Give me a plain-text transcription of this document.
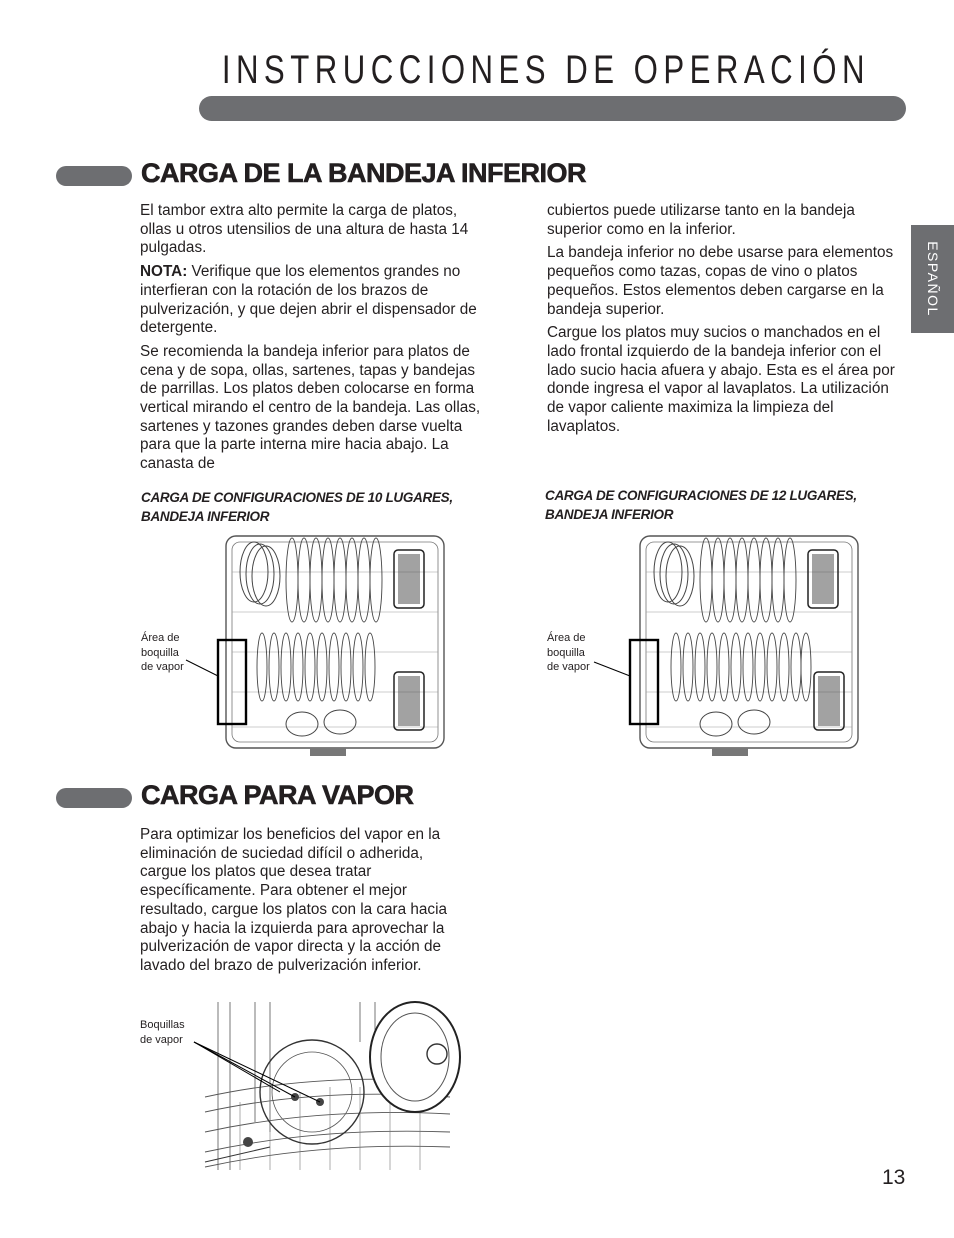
INSTRUCCIONES DE OPERACIÓN
ESPAÑOL
CARGA DE LA BANDEJA INFERIOR

El tambor extra alto permite la carga de platos, ollas u otros utensilios de una altura de hasta 14 pulgadas.

NOTA: Verifique que los elementos grandes no interfieran con la rotación de los brazos de pulverización, y que dejen abrir el dispensador de detergente.

Se recomienda la bandeja inferior para platos de cena y de sopa, ollas, sartenes, tapas y bandejas de parrillas. Los platos deben colocarse en forma vertical mirando el centro de la bandeja. Las ollas, sartenes y tazones grandes deben darse vuelta para que la parte interna mire hacia abajo. La canasta de

cubiertos puede utilizarse tanto en la bandeja superior como en la inferior.

La bandeja inferior no debe usarse para elementos pequeños como tazas, copas de vino o platos pequeños. Estos elementos deben cargarse en la bandeja superior.

Cargue los platos muy sucios o manchados en el lado frontal izquierdo de la bandeja inferior con el lado sucio hacia afuera y abajo. Esta es el área por donde ingresa el vapor al lavaplatos. La utilización de vapor caliente maximiza la limpieza del lavaplatos.

CARGA DE CONFIGURACIONES DE 10 LUGARES,
BANDEJA INFERIOR
CARGA DE CONFIGURACIONES DE 12 LUGARES,
BANDEJA INFERIOR
Área de
boquilla
de vapor
Área de
boquilla
de vapor
CARGA PARA VAPOR

Para optimizar los beneficios del vapor en la eliminación de suciedad difícil o adherida, cargue los platos que desea tratar específicamente. Para obtener el mejor resultado, cargue los platos con la cara hacia abajo y hacia la izquierda para aprovechar la pulverización de vapor directa y la acción de lavado del brazo de pulverización inferior.

Boquillas
de vapor
13
